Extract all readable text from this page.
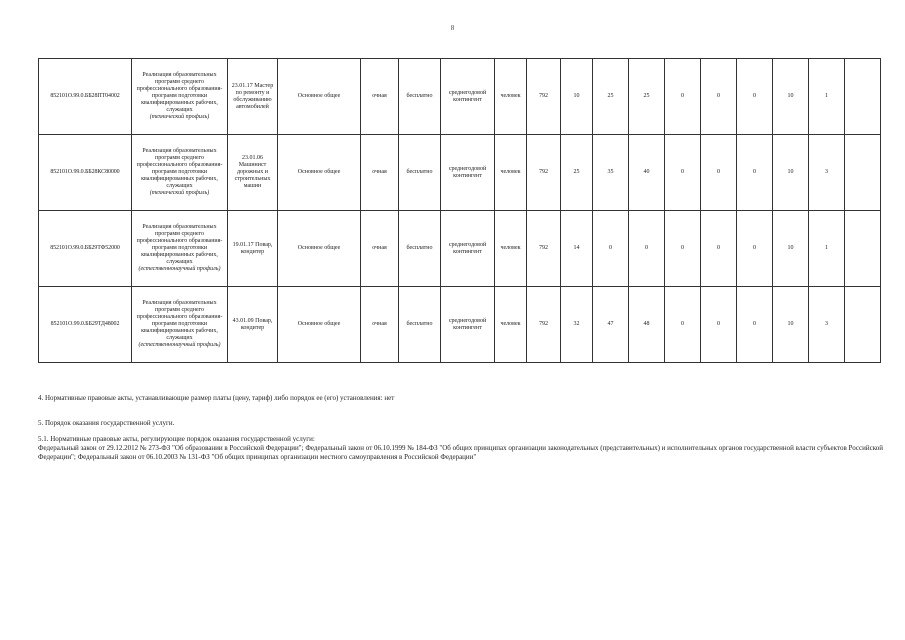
8
852101О.99.0.ББ28ПТ04002	Реализация образовательных программ среднего профессионального образования-программ подготовки квалифицированных рабочих, служащих
(технический профиль)	23.01.17 Мастер по ремонту и обслуживанию автомобилей	Основное общее	очная	бесплатно	среднегодовой контингент	человек	792	10	25	25	0	0	0	10	1	
852101О.99.0.ББ28КС80000	Реализация образовательных программ среднего профессионального образования-программ подготовки квалифицированных рабочих, служащих
(технический профиль)	23.01.06 Машинист дорожных и строительных машин	Основное общее	очная	бесплатно	среднегодовой контингент	человек	792	25	35	40	0	0	0	10	3	
852101О.99.0.ББ29ТФ52000	Реализация образовательных программ среднего профессионального образования-программ подготовки квалифицированных рабочих, служащих
(естественнонаучный профиль)	19.01.17 Повар, кондитер	Основное общее	очная	бесплатно	среднегодовой контингент	человек	792	14	0	0	0	0	0	10	1	
852101О.99.0.ББ29ТД48002	Реализация образовательных программ среднего профессионального образования-программ подготовки квалифицированных рабочих, служащих
(естественнонаучный профиль)	43.01.09 Повар, кондитер	Основное общее	очная	бесплатно	среднегодовой контингент	человек	792	32	47	48	0	0	0	10	3	
4. Нормативные правовые акты, устанавливающие размер платы (цену, тариф) либо порядок ее (его) установления: нет
5. Порядок оказания государственной услуги.
5.1. Нормативные правовые акты, регулирующие порядок оказания государственной услуги:
Федеральный закон от 29.12.2012 № 273-ФЗ "Об образовании в Российской Федерации"; Федеральный закон от 06.10.1999 № 184-ФЗ "Об общих принципах организации законодательных (представительных) и исполнительных органов государственной власти субъектов Российской Федерации"; Федеральный закон от 06.10.2003 № 131-ФЗ "Об общих принципах организации местного самоуправления в Российской Федерации"
